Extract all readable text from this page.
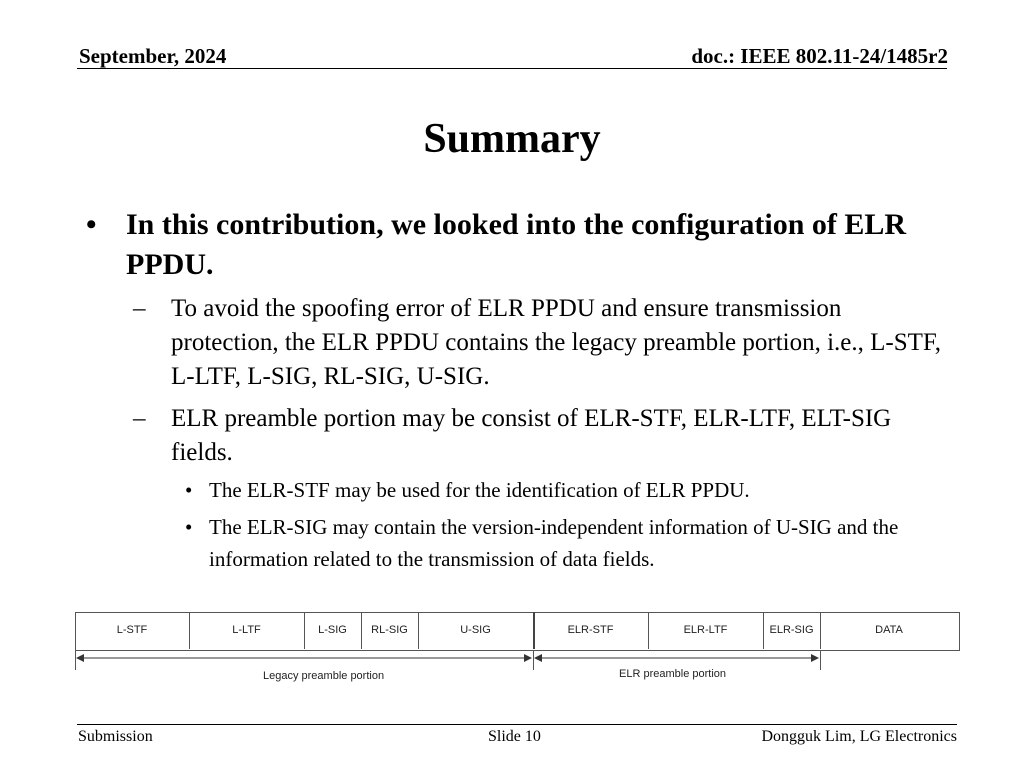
September, 2024	doc.: IEEE 802.11-24/1485r2
Summary
• In this contribution, we looked into the configuration of ELR PPDU.
– To avoid the spoofing error of ELR PPDU and ensure transmission protection, the ELR PPDU contains the legacy preamble portion, i.e., L-STF, L-LTF, L-SIG, RL-SIG, U-SIG.
– ELR preamble portion may be consist of ELR-STF, ELR-LTF, ELT-SIG fields.
• The ELR-STF may be used for the identification of ELR PPDU.
• The ELR-SIG may contain the version-independent information of U-SIG and the information related to the transmission of data fields.
L-STF	L-LTF	L-SIG	RL-SIG	U-SIG	ELR-STF	ELR-LTF	ELR-SIG	DATA
Legacy preamble portion	ELR preamble portion
Submission	Slide 10	Dongguk Lim, LG Electronics
